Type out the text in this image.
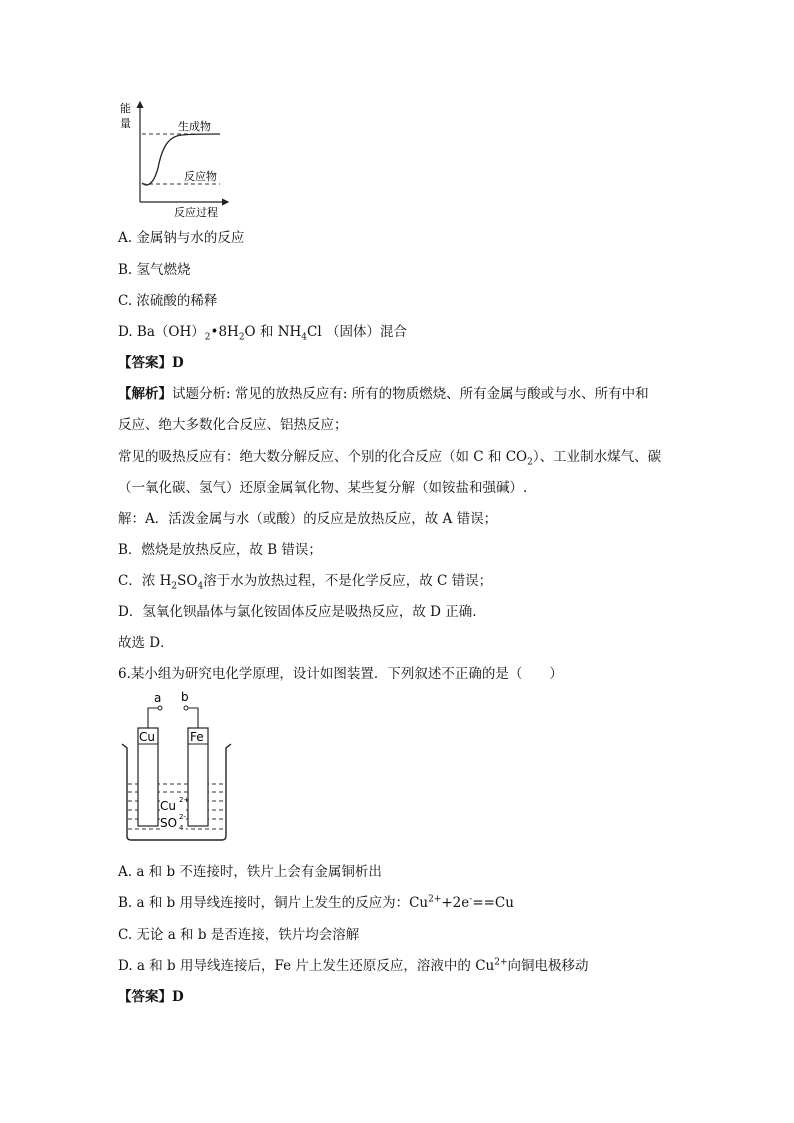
能
量	生成物
反应物
反应过程
A. 金属钠与水的反应
B. 氢气燃烧
C. 浓硫酸的稀释
D. $Ba(OH)_2•8H_2O$ 和 $NH_4Cl$ （固体）混合
【答案】D
【解析】试题分析: 常见的放热反应有: 所有的物质燃烧、所有金属与酸或与水、所有中和
反应、绝大多数化合反应、铝热反应；
常见的吸热反应有：绝大数分解反应、个别的化合反应（如 C 和 $CO_2$）、工业制水煤气、碳
（一氧化碳、氢气）还原金属氧化物、某些复分解（如铵盐和强碱）.
解：A．活泼金属与水（或酸）的反应是放热反应，故 A 错误；
B．燃烧是放热反应，故 B 错误；
C．浓 $H_2SO_4$溶于水为放热过程，不是化学反应，故 C 错误；
D．氢氧化钡晶体与氯化铵固体反应是吸热反应，故 D 正确.
故选 D．
6.某小组为研究电化学原理，设计如图装置．下列叙述不正确的是（　　）
Cu	Fe
a b
Cu 2+
SO 4
2-
A. a 和 b 不连接时，铁片上会有金属铜析出
B. a 和 b 用导线连接时，铜片上发生的反应为：$Cu^{2+}+2e^-==Cu$
C. 无论 a 和 b 是否连接，铁片均会溶解
D. a 和 b 用导线连接后，Fe 片上发生还原反应，溶液中的 $Cu^{2+}$向铜电极移动
【答案】D
